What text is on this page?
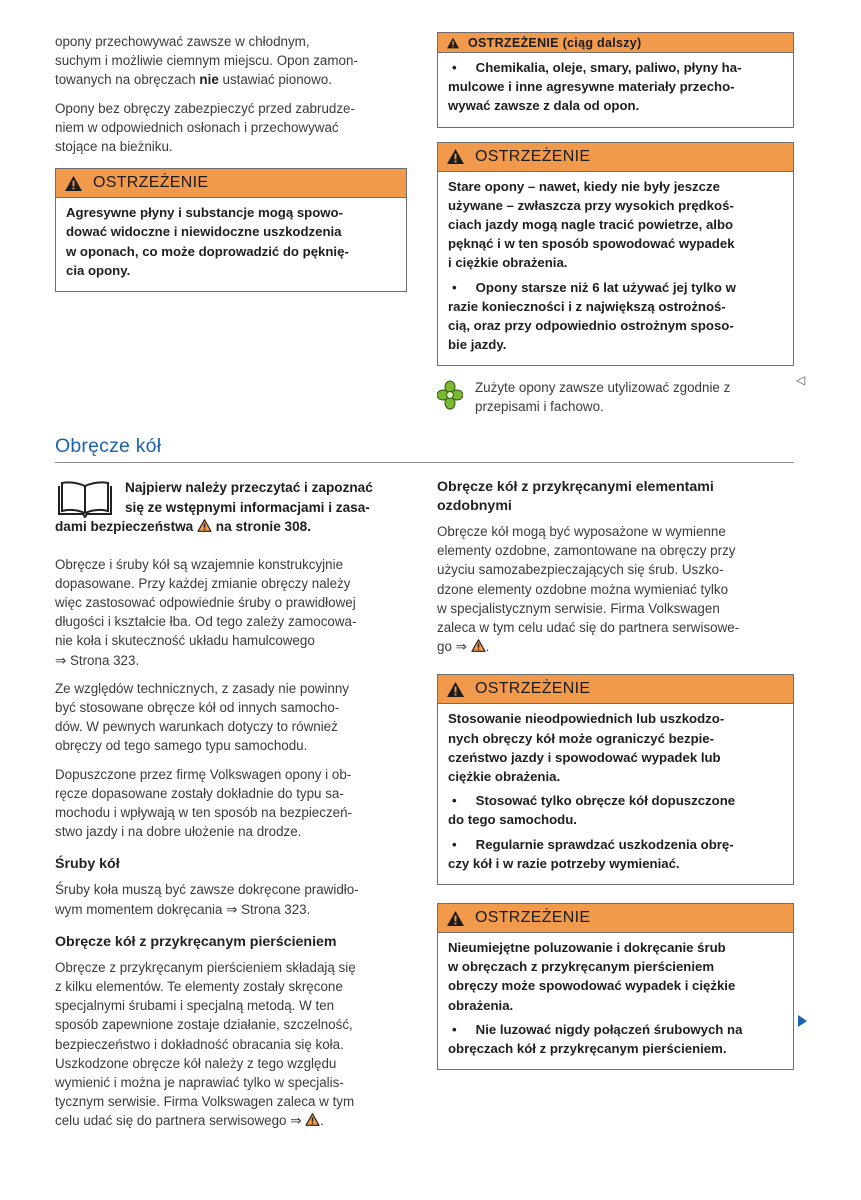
opony przechowywać zawsze w chłodnym,
suchym i możliwie ciemnym miejscu. Opon zamon-
towanych na obręczach nie ustawiać pionowo.

Opony bez obręczy zabezpieczyć przed zabrudze-
niem w odpowiednich osłonach i przechowywać
stojące na bieżniku.

OSTRZEŻENIE

Agresywne płyny i substancje mogą spowo-
dować widoczne i niewidoczne uszkodzenia
w oponach, co może doprowadzić do pęknię-
cia opony.

OSTRZEŻENIE (ciąg dalszy)

• Chemikalia, oleje, smary, paliwo, płyny ha-
mulcowe i inne agresywne materiały przecho-
wywać zawsze z dala od opon.

OSTRZEŻENIE

Stare opony – nawet, kiedy nie były jeszcze
używane – zwłaszcza przy wysokich prędkoś-
ciach jazdy mogą nagle tracić powietrze, albo
pęknąć i w ten sposób spowodować wypadek
i ciężkie obrażenia.

• Opony starsze niż 6 lat używać jej tylko w
razie konieczności i z największą ostrożnoś-
cią, oraz przy odpowiednio ostrożnym sposo-
bie jazdy.

Zużyte opony zawsze utylizować zgodnie z
przepisami i fachowo.

◁
Obręcze kół

Najpierw należy przeczytać i zapoznać
się ze wstępnymi informacjami i zasa-
dami bezpieczeństwa  na stronie 308.

Obręcze i śruby kół są wzajemnie konstrukcyjnie
dopasowane. Przy każdej zmianie obręczy należy
więc zastosować odpowiednie śruby o prawidłowej
długości i kształcie łba. Od tego zależy zamocowa-
nie koła i skuteczność układu hamulcowego
⇒ Strona 323.

Ze względów technicznych, z zasady nie powinny
być stosowane obręcze kół od innych samocho-
dów. W pewnych warunkach dotyczy to również
obręczy od tego samego typu samochodu.

Dopuszczone przez firmę Volkswagen opony i ob-
ręcze dopasowane zostały dokładnie do typu sa-
mochodu i wpływają w ten sposób na bezpieczeń-
stwo jazdy i na dobre ułożenie na drodze.

Śruby kół

Śruby koła muszą być zawsze dokręcone prawidło-
wym momentem dokręcania ⇒ Strona 323.

Obręcze kół z przykręcanym pierścieniem

Obręcze z przykręcanym pierścieniem składają się
z kilku elementów. Te elementy zostały skręcone
specjalnymi śrubami i specjalną metodą. W ten
sposób zapewnione zostaje działanie, szczelność,
bezpieczeństwo i dokładność obracania się koła.
Uszkodzone obręcze kół należy z tego względu
wymienić i można je naprawiać tylko w specjalis-
tycznym serwisie. Firma Volkswagen zaleca w tym
celu udać się do partnera serwisowego ⇒ .

Obręcze kół z przykręcanymi elementami
ozdobnymi

Obręcze kół mogą być wyposażone w wymienne
elementy ozdobne, zamontowane na obręczy przy
użyciu samozabezpieczających się śrub. Uszko-
dzone elementy ozdobne można wymieniać tylko
w specjalistycznym serwisie. Firma Volkswagen
zaleca w tym celu udać się do partnera serwisowe-
go ⇒ .

OSTRZEŻENIE

Stosowanie nieodpowiednich lub uszkodzo-
nych obręczy kół może ograniczyć bezpie-
czeństwo jazdy i spowodować wypadek lub
ciężkie obrażenia.

• Stosować tylko obręcze kół dopuszczone
do tego samochodu.

• Regularnie sprawdzać uszkodzenia obrę-
czy kół i w razie potrzeby wymieniać.

OSTRZEŻENIE

Nieumiejętne poluzowanie i dokręcanie śrub
w obręczach z przykręcanym pierścieniem
obręczy może spowodować wypadek i ciężkie
obrażenia.

• Nie luzować nigdy połączeń śrubowych na
obręczach kół z przykręcanym pierścieniem.
